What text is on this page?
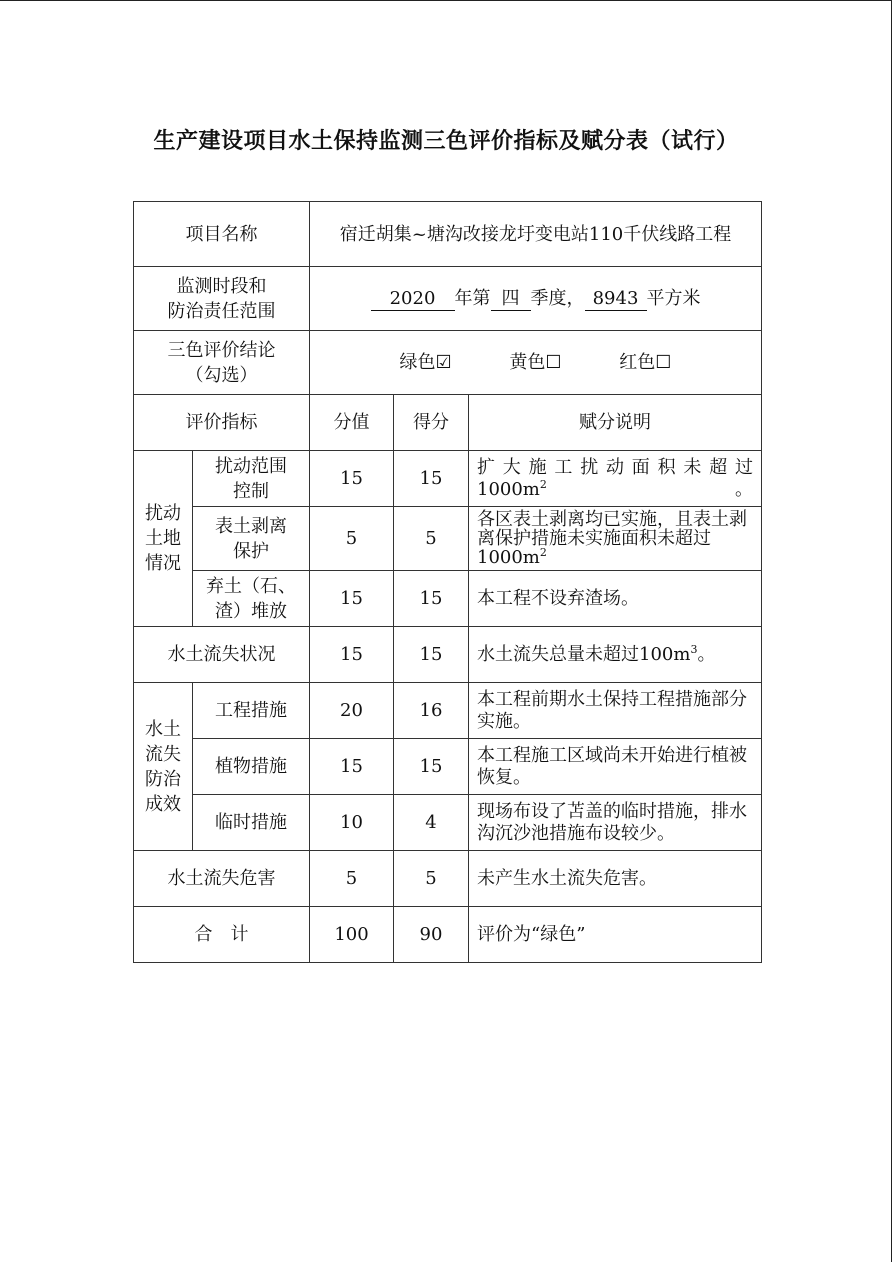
生产建设项目水土保持监测三色评价指标及赋分表（试行）
项目名称		宿迁胡集~塘沟改接龙圩变电站110千伏线路工程		

监测时段和
防治责任范围		2020 年第 四 季度， 8943 平方米		

三色评价结论
（勾选）		绿色☑ 黄色☐ 红色☐		
评价指标		分值	得分	赋分说明
扰动土地情况	扰动范围控制	15	15	扩大施工扰动面积未超过$1000m^2$。
	表土剥离保护	5	5	各区表土剥离均已实施，且表土剥离保护措施未实施面积未超过$1000m^2$
	弃土（石、渣）堆放	15	15	本工程不设弃渣场。
水土流失状况		15	15	水土流失总量未超过$100m^3$。
水土流失防治成效	工程措施	20	16	本工程前期水土保持工程措施部分实施。
	植物措施	15	15	本工程施工区域尚未开始进行植被恢复。
	临时措施	10	4	现场布设了苫盖的临时措施，排水沟沉沙池措施布设较少。
水土流失危害		5	5	未产生水土流失危害。
合　计		100	90	评价为“绿色”
